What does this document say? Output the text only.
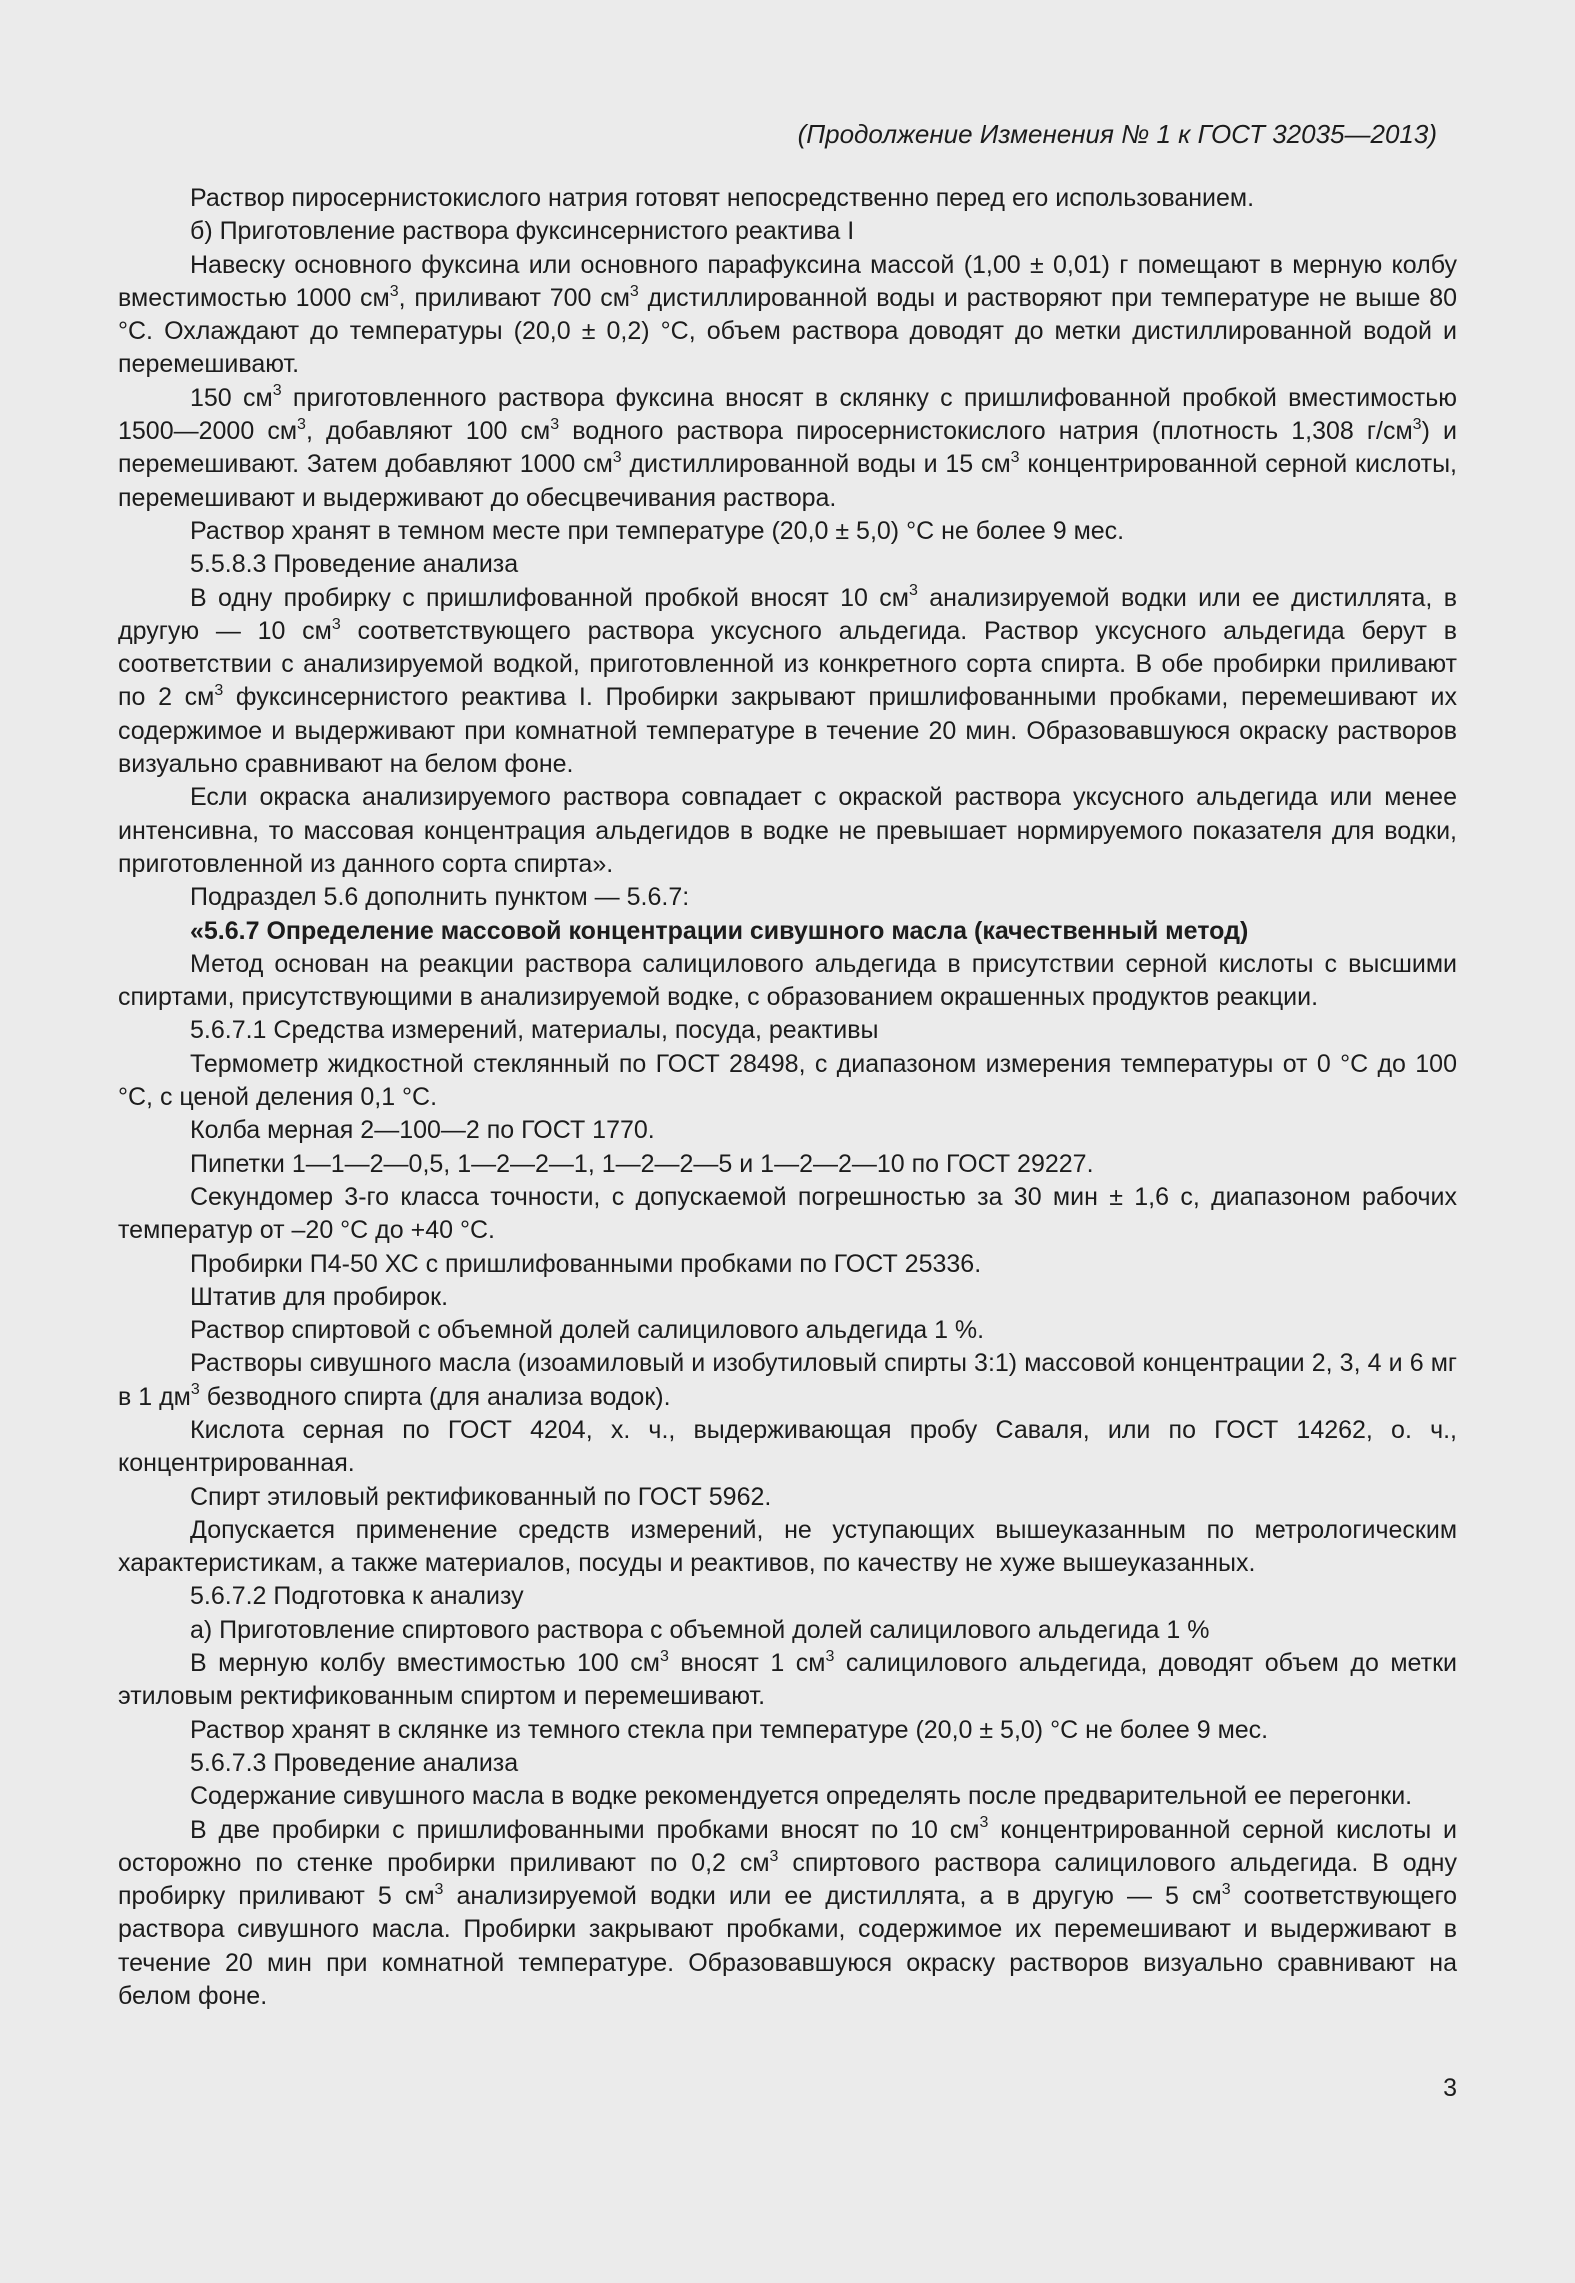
(Продолжение Изменения № 1 к ГОСТ 32035—2013)

Раствор пиросернистокислого натрия готовят непосредственно перед его использованием.

б) Приготовление раствора фуксинсернистого реактива I

Навеску основного фуксина или основного парафуксина массой (1,00 ± 0,01) г помещают в мерную колбу вместимостью 1000 $см^3$, приливают 700 $см^3$ дистиллированной воды и растворяют при температуре не выше 80 °C. Охлаждают до температуры (20,0 ± 0,2) °C, объем раствора доводят до метки дистиллированной водой и перемешивают.

150 $см^3$ приготовленного раствора фуксина вносят в склянку с пришлифованной пробкой вместимостью 1500—2000 $см^3$, добавляют 100 $см^3$ водного раствора пиросернистокислого натрия (плотность 1,308 $г/см^3$) и перемешивают. Затем добавляют 1000 $см^3$ дистиллированной воды и 15 $см^3$ концентрированной серной кислоты, перемешивают и выдерживают до обесцвечивания раствора.

Раствор хранят в темном месте при температуре (20,0 ± 5,0) °C не более 9 мес.

5.5.8.3 Проведение анализа

В одну пробирку с пришлифованной пробкой вносят 10 $см^3$ анализируемой водки или ее дистиллята, в другую — 10 $см^3$ соответствующего раствора уксусного альдегида. Раствор уксусного альдегида берут в соответствии с анализируемой водкой, приготовленной из конкретного сорта спирта. В обе пробирки приливают по 2 $см^3$ фуксинсернистого реактива I. Пробирки закрывают пришлифованными пробками, перемешивают их содержимое и выдерживают при комнатной температуре в течение 20 мин. Образовавшуюся окраску растворов визуально сравнивают на белом фоне.

Если окраска анализируемого раствора совпадает с окраской раствора уксусного альдегида или менее интенсивна, то массовая концентрация альдегидов в водке не превышает нормируемого показателя для водки, приготовленной из данного сорта спирта».

Подраздел 5.6 дополнить пунктом — 5.6.7:

«5.6.7 Определение массовой концентрации сивушного масла (качественный метод)

Метод основан на реакции раствора салицилового альдегида в присутствии серной кислоты с высшими спиртами, присутствующими в анализируемой водке, с образованием окрашенных продуктов реакции.

5.6.7.1 Средства измерений, материалы, посуда, реактивы

Термометр жидкостной стеклянный по ГОСТ 28498, с диапазоном измерения температуры от 0 °C до 100 °C, с ценой деления 0,1 °C.

Колба мерная 2—100—2 по ГОСТ 1770.

Пипетки 1—1—2—0,5, 1—2—2—1, 1—2—2—5 и 1—2—2—10 по ГОСТ 29227.

Секундомер 3-го класса точности, с допускаемой погрешностью за 30 мин ± 1,6 с, диапазоном рабочих температур от –20 °C до +40 °C.

Пробирки П4-50 ХС с пришлифованными пробками по ГОСТ 25336.

Штатив для пробирок.

Раствор спиртовой с объемной долей салицилового альдегида 1 %.

Растворы сивушного масла (изоамиловый и изобутиловый спирты 3:1) массовой концентрации 2, 3, 4 и 6 мг в 1 $дм^3$ безводного спирта (для анализа водок).

Кислота серная по ГОСТ 4204, х. ч., выдерживающая пробу Саваля, или по ГОСТ 14262, о. ч., концентрированная.

Спирт этиловый ректификованный по ГОСТ 5962.

Допускается применение средств измерений, не уступающих вышеуказанным по метрологическим характеристикам, а также материалов, посуды и реактивов, по качеству не хуже вышеуказанных.

5.6.7.2 Подготовка к анализу

а) Приготовление спиртового раствора с объемной долей салицилового альдегида 1 %

В мерную колбу вместимостью 100 $см^3$ вносят 1 $см^3$ салицилового альдегида, доводят объем до метки этиловым ректификованным спиртом и перемешивают.

Раствор хранят в склянке из темного стекла при температуре (20,0 ± 5,0) °C не более 9 мес.

5.6.7.3 Проведение анализа

Содержание сивушного масла в водке рекомендуется определять после предварительной ее перегонки.

В две пробирки с пришлифованными пробками вносят по 10 $см^3$ концентрированной серной кислоты и осторожно по стенке пробирки приливают по 0,2 $см^3$ спиртового раствора салицилового альдегида. В одну пробирку приливают 5 $см^3$ анализируемой водки или ее дистиллята, а в другую — 5 $см^3$ соответствующего раствора сивушного масла. Пробирки закрывают пробками, содержимое их перемешивают и выдерживают в течение 20 мин при комнатной температуре. Образовавшуюся окраску растворов визуально сравнивают на белом фоне.

3
